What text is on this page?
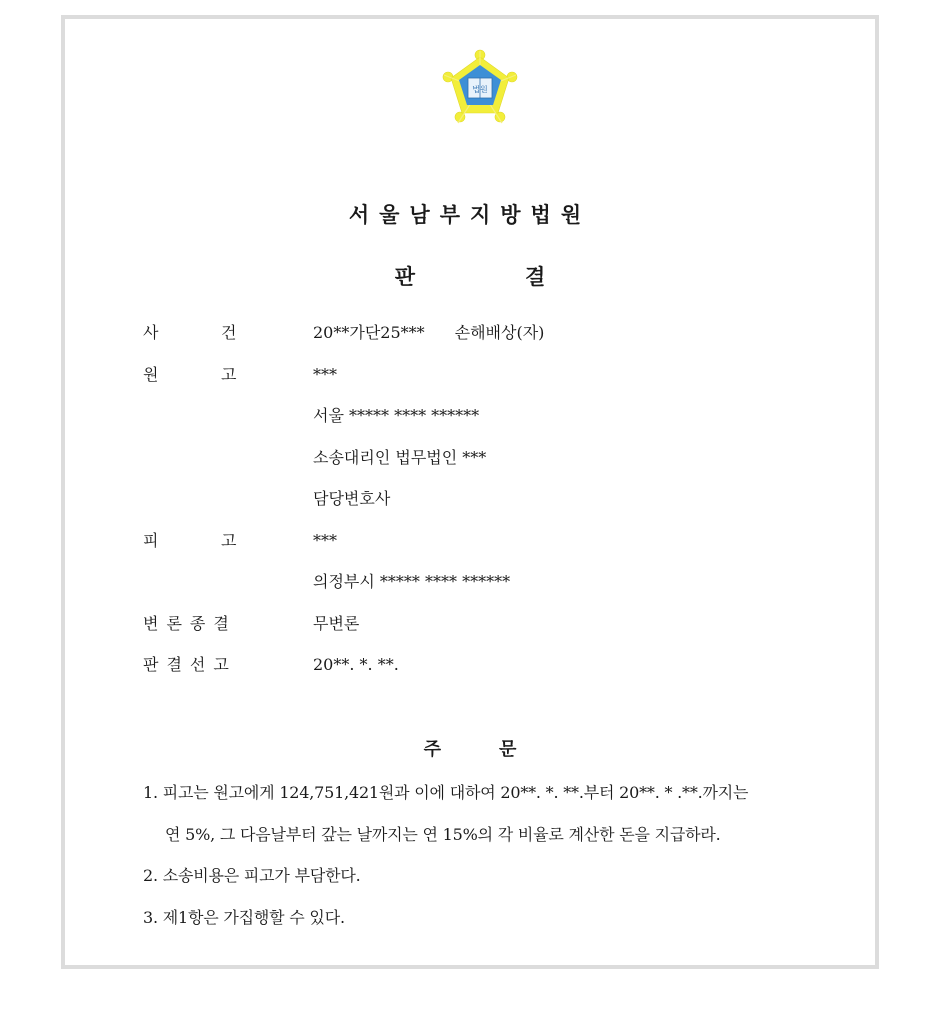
법원
서울남부지방법원
판	결
사	건	20**가단25*** 손해배상(자)
원	고	***
서울 ***** **** ******
소송대리인 법무법인 ***
담당변호사
피	고	***
의정부시 ***** **** ******
변론종결	무변론
판결선고	20**. *. **.
주	문
1. 피고는 원고에게 124,751,421원과 이에 대하여 20**. *. **.부터 20**. * .**.까지는
연 5%, 그 다음날부터 갚는 날까지는 연 15%의 각 비율로 계산한 돈을 지급하라.
2. 소송비용은 피고가 부담한다.
3. 제1항은 가집행할 수 있다.
